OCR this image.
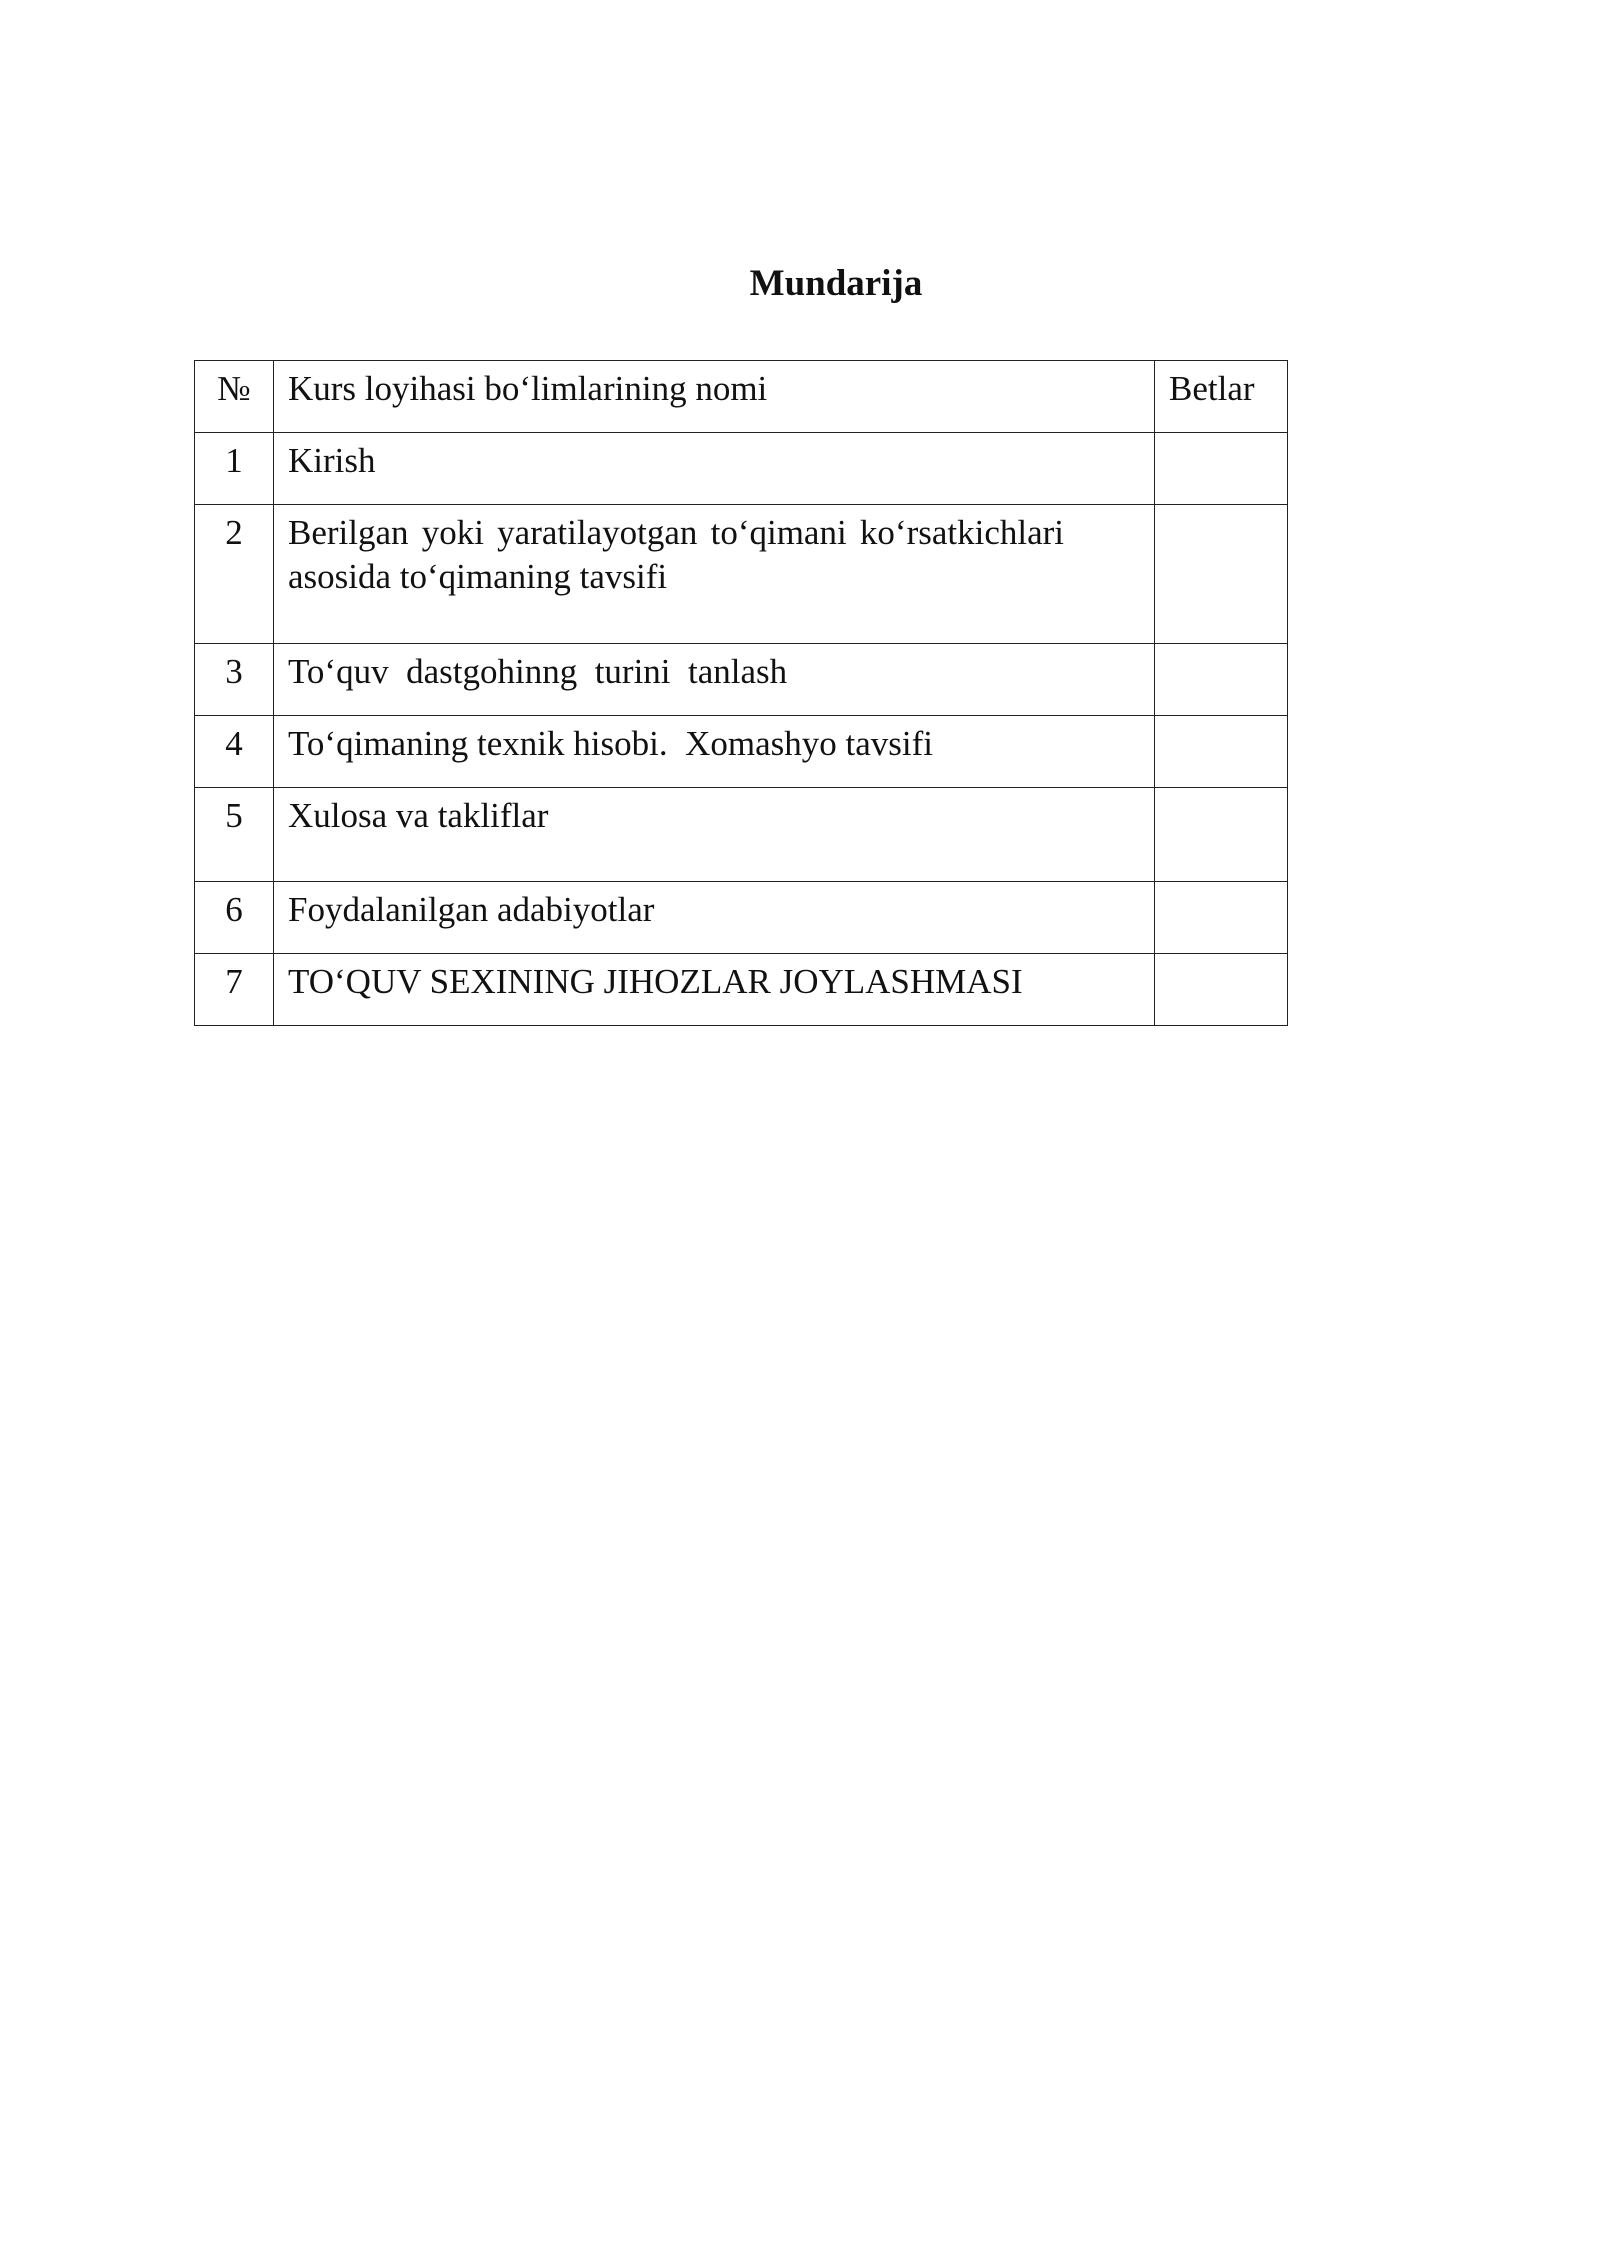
Mundarija
№	Kurs loyihasi bo‘limlarining nomi	Betlar
1	Kirish	
2	Berilgan yoki yaratilayotgan to‘qimani ko‘rsatkichlari asosida to‘qimaning tavsifi	
3	To‘quv  dastgohinng  turini  tanlash	
4	To‘qimaning texnik hisobi.  Xomashyo tavsifi	
5	Xulosa va takliflar	
6	Foydalanilgan adabiyotlar	
7	TO‘QUV SEXINING JIHOZLAR JOYLASHMASI	
